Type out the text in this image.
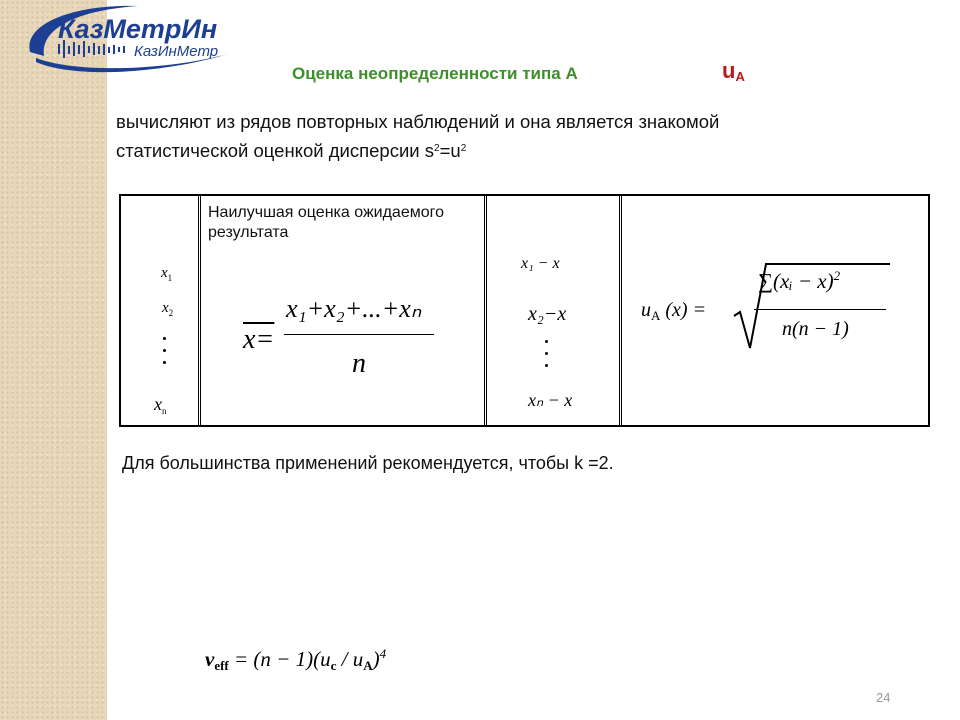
КазМетрИн
КазИнМетр
Оценка неопределенности типа А	$u_A$
вычисляют из рядов повторных наблюдений и она является знакомой
статистической оценкой дисперсии $s^2=u^2$
$x_1$
$x_2$
$x_n$
Наилучшая оценка ожидаемого результата
x=
x₁+x₂+...+xₙ
n
x₁ − x
x₂−x
xₙ − x
$u_A$ (x) =
∑(xᵢ − x)$^2$
n(n − 1)
Для большинства применений рекомендуется, чтобы k =2.
$\nu_{eff} = (n - 1)(u_c / u_A)^4$
24
